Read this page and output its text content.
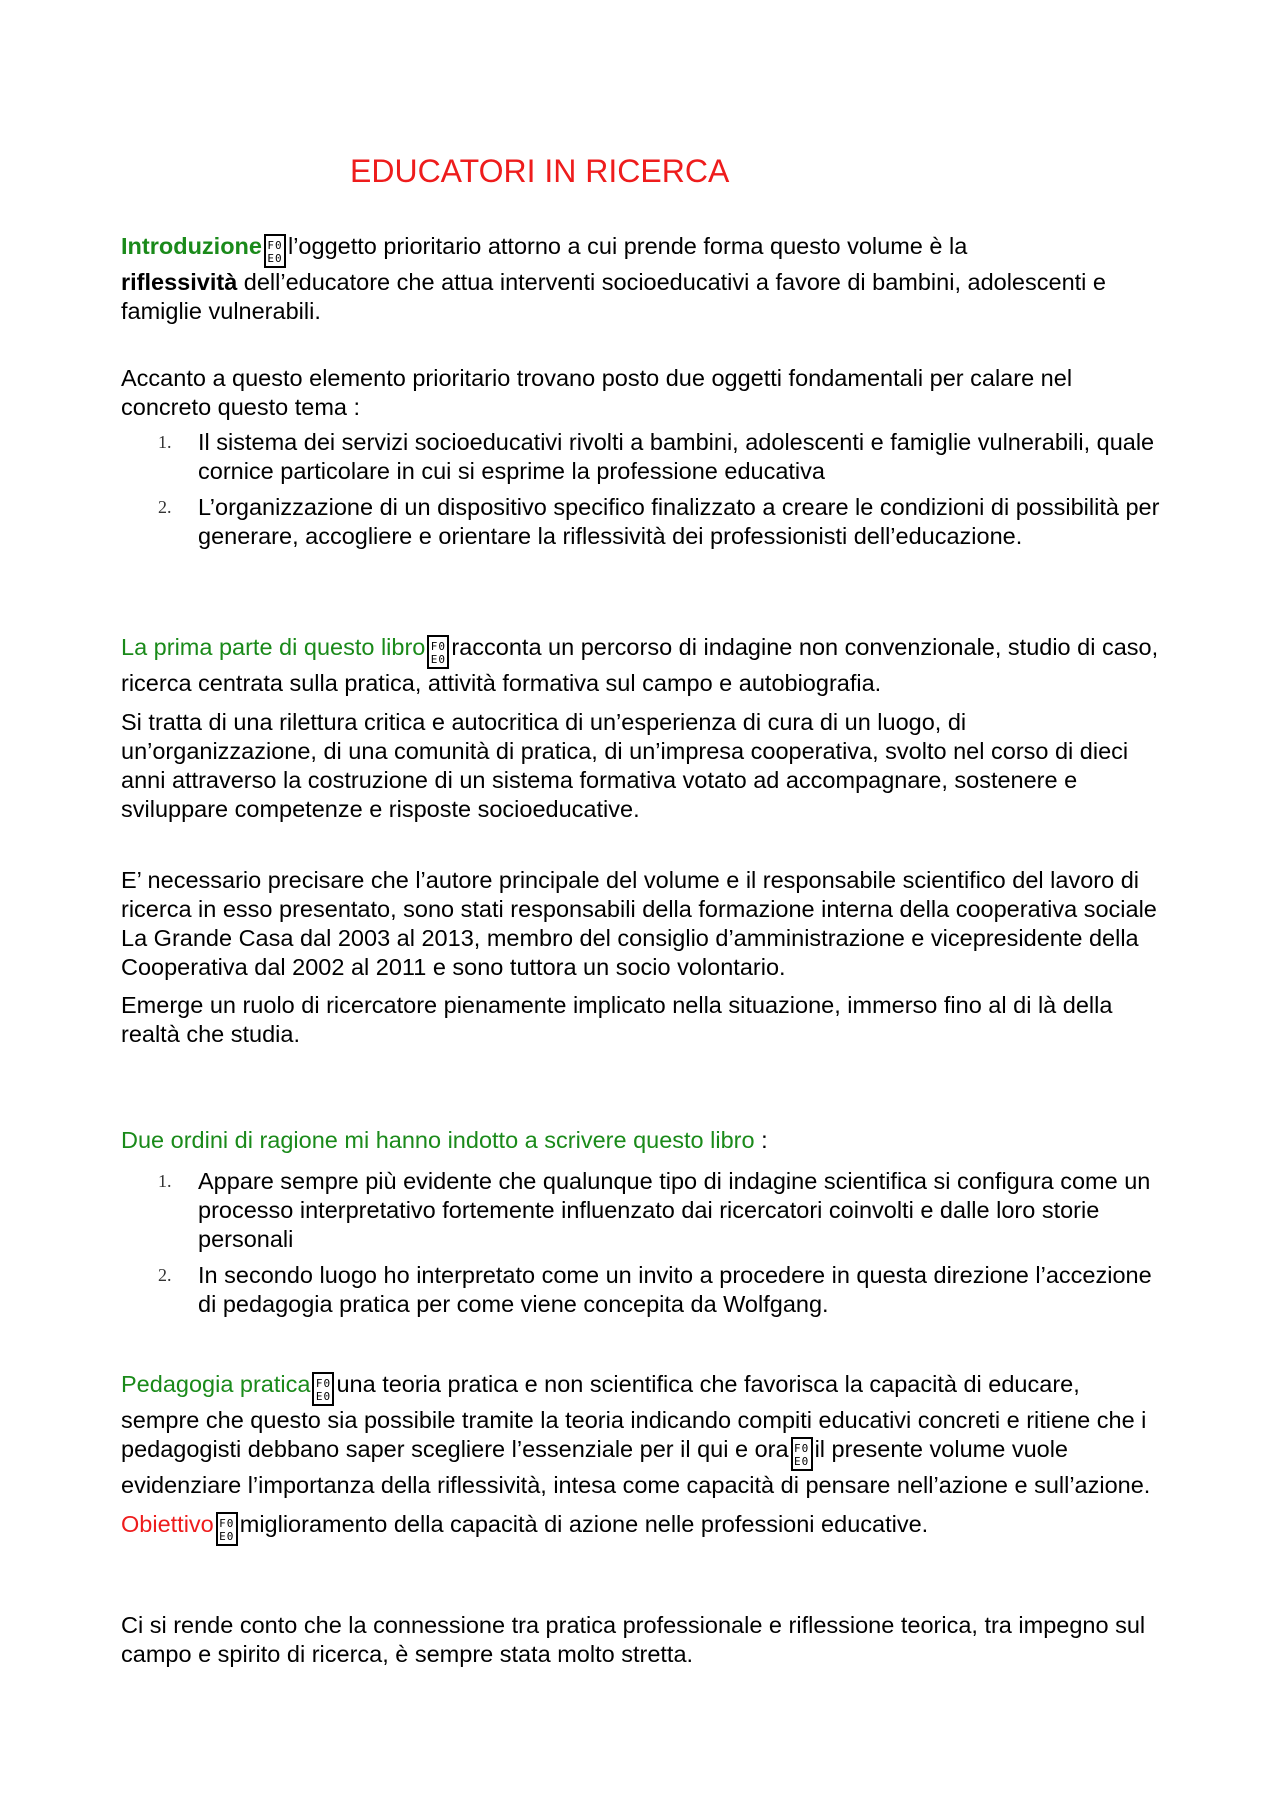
EDUCATORI IN RICERCA

Introduzione F0
E0 l’oggetto prioritario attorno a cui prende forma questo volume è la
riflessività dell’educatore che attua interventi socioeducativi a favore di bambini, adolescenti e famiglie vulnerabili.

Accanto a questo elemento prioritario trovano posto due oggetti fondamentali per calare nel concreto questo tema :

1. Il sistema dei servizi socioeducativi rivolti a bambini, adolescenti e famiglie vulnerabili, quale cornice particolare in cui si esprime la professione educativa
2. L’organizzazione di un dispositivo specifico finalizzato a creare le condizioni di possibilità per generare, accogliere e orientare la riflessività dei professionisti dell’educazione.

La prima parte di questo libro F0
E0 racconta un percorso di indagine non convenzionale, studio di caso, ricerca centrata sulla pratica, attività formativa sul campo e autobiografia.

Si tratta di una rilettura critica e autocritica di un’esperienza di cura di un luogo, di un’organizzazione, di una comunità di pratica, di un’impresa cooperativa, svolto nel corso di dieci anni attraverso la costruzione di un sistema formativa votato ad accompagnare, sostenere e sviluppare competenze e risposte socioeducative.

E’ necessario precisare che l’autore principale del volume e il responsabile scientifico del lavoro di ricerca in esso presentato, sono stati responsabili della formazione interna della cooperativa sociale La Grande Casa dal 2003 al 2013, membro del consiglio d’amministrazione e vicepresidente della Cooperativa dal 2002 al 2011 e sono tuttora un socio volontario.

Emerge un ruolo di ricercatore pienamente implicato nella situazione, immerso fino al di là della realtà che studia.

Due ordini di ragione mi hanno indotto a scrivere questo libro :

1. Appare sempre più evidente che qualunque tipo di indagine scientifica si configura come un processo interpretativo fortemente influenzato dai ricercatori coinvolti e dalle loro storie personali
2. In secondo luogo ho interpretato come un invito a procedere in questa direzione l’accezione di pedagogia pratica per come viene concepita da Wolfgang.

Pedagogia pratica F0
E0 una teoria pratica e non scientifica che favorisca la capacità di educare, sempre che questo sia possibile tramite la teoria indicando compiti educativi concreti e ritiene che i pedagogisti debbano saper scegliere l’essenziale per il qui e ora F0
E0 il presente volume vuole evidenziare l’importanza della riflessività, intesa come capacità di pensare nell’azione e sull’azione.

Obiettivo F0
E0 miglioramento della capacità di azione nelle professioni educative.

Ci si rende conto che la connessione tra pratica professionale e riflessione teorica, tra impegno sul campo e spirito di ricerca, è sempre stata molto stretta.
